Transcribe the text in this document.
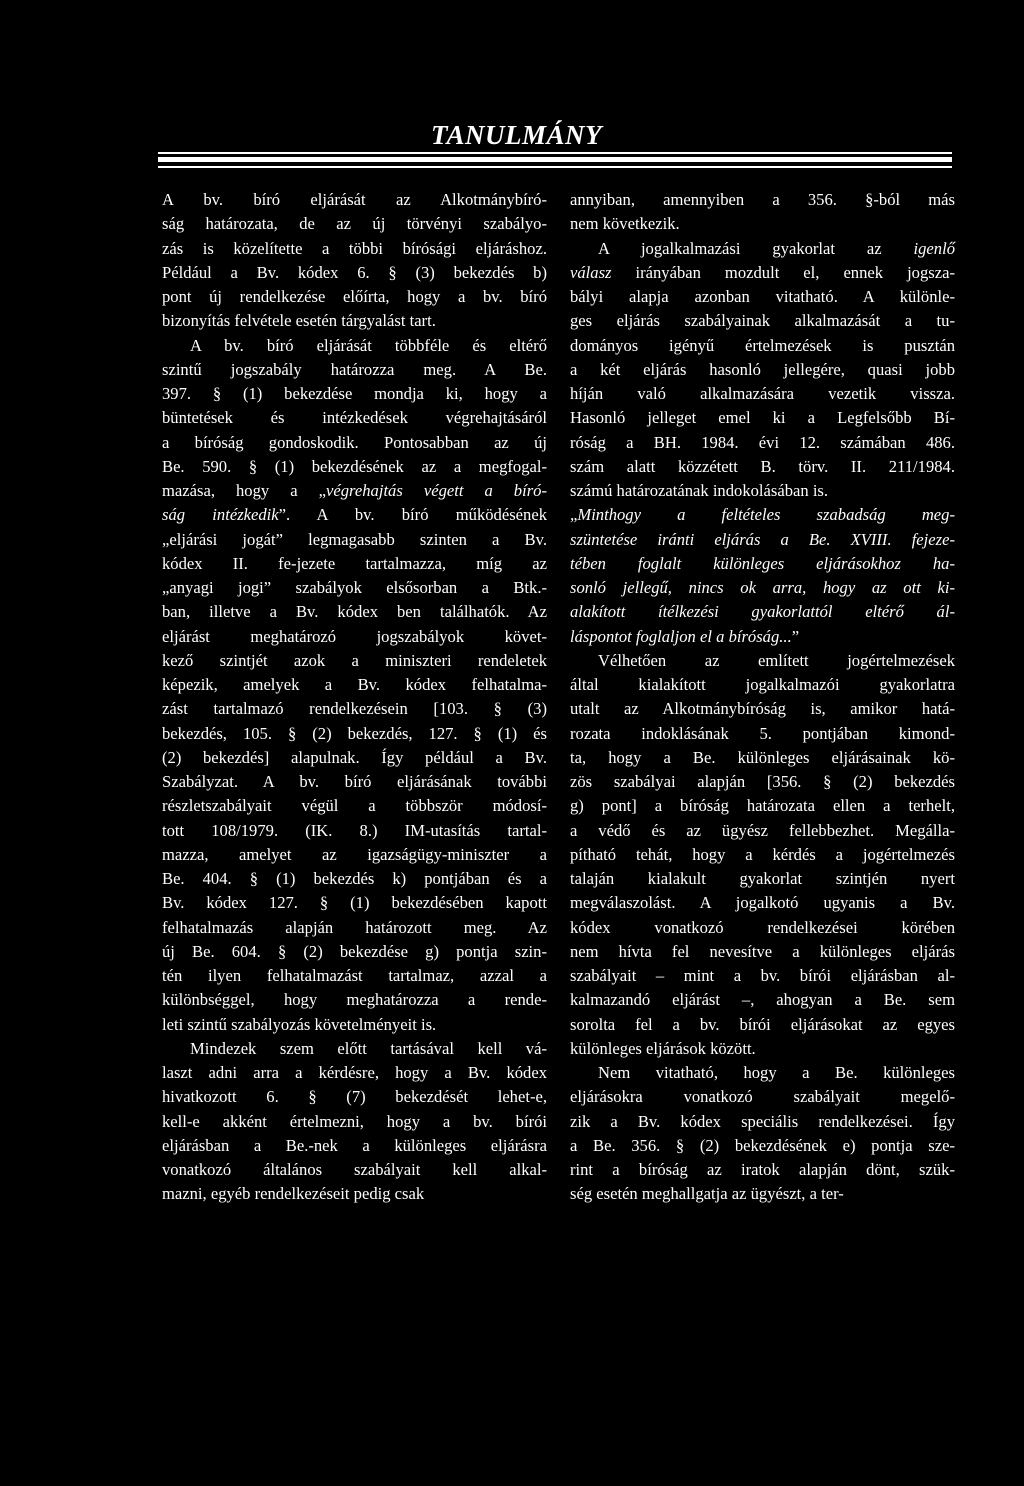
TANULMÁNY
A bv. bíró eljárását az Alkotmánybíró-
ság határozata, de az új törvényi szabályo-
zás is közelítette a többi bírósági eljáráshoz.
Például a Bv. kódex 6. § (3) bekezdés b)
pont új rendelkezése előírta, hogy a bv. bíró
bizonyítás felvétele esetén tárgyalást tart.
A bv. bíró eljárását többféle és eltérő
szintű jogszabály határozza meg. A Be.
397. § (1) bekezdése mondja ki, hogy a
büntetések és intézkedések végrehajtásáról
a bíróság gondoskodik. Pontosabban az új
Be. 590. § (1) bekezdésének az a megfogal-
mazása, hogy a „végrehajtás végett a bíró-
ság intézkedik”. A bv. bíró működésének
„eljárási jogát” legmagasabb szinten a Bv.
kódex II. fe-jezete tartalmazza, míg az
„anyagi jogi” szabályok elsősorban a Btk.-
ban, illetve a Bv. kódex ben találhatók. Az
eljárást meghatározó jogszabályok követ-
kező szintjét azok a miniszteri rendeletek
képezik, amelyek a Bv. kódex felhatalma-
zást tartalmazó rendelkezésein [103. § (3)
bekezdés, 105. § (2) bekezdés, 127. § (1) és
(2) bekezdés] alapulnak. Így például a Bv.
Szabályzat. A bv. bíró eljárásának további
részletszabályait végül a többször módosí-
tott 108/1979. (IK. 8.) IM-utasítás tartal-
mazza, amelyet az igazságügy-miniszter a
Be. 404. § (1) bekezdés k) pontjában és a
Bv. kódex 127. § (1) bekezdésében kapott
felhatalmazás alapján határozott meg. Az
új Be. 604. § (2) bekezdése g) pontja szin-
tén ilyen felhatalmazást tartalmaz, azzal a
különbséggel, hogy meghatározza a rende-
leti szintű szabályozás követelményeit is.
Mindezek szem előtt tartásával kell vá-
laszt adni arra a kérdésre, hogy a Bv. kódex
hivatkozott 6. § (7) bekezdését lehet-e,
kell-e akként értelmezni, hogy a bv. bírói
eljárásban a Be.-nek a különleges eljárásra
vonatkozó általános szabályait kell alkal-
mazni, egyéb rendelkezéseit pedig csak
annyiban, amennyiben a 356. §-ból más
nem következik.
A jogalkalmazási gyakorlat az igenlő
válasz irányában mozdult el, ennek jogsza-
bályi alapja azonban vitatható. A különle-
ges eljárás szabályainak alkalmazását a tu-
dományos igényű értelmezések is pusztán
a két eljárás hasonló jellegére, quasi jobb
híján való alkalmazására vezetik vissza.
Hasonló jelleget emel ki a Legfelsőbb Bí-
róság a BH. 1984. évi 12. számában 486.
szám alatt közzétett B. törv. II. 211/1984.
számú határozatának indokolásában is.
„Minthogy a feltételes szabadság meg-
szüntetése iránti eljárás a Be. XVIII. fejeze-
tében foglalt különleges eljárásokhoz ha-
sonló jellegű, nincs ok arra, hogy az ott ki-
alakított ítélkezési gyakorlattól eltérő ál-
láspontot foglaljon el a bíróság...”
Vélhetően az említett jogértelmezések
által kialakított jogalkalmazói gyakorlatra
utalt az Alkotmánybíróság is, amikor hatá-
rozata indoklásának 5. pontjában kimond-
ta, hogy a Be. különleges eljárásainak kö-
zös szabályai alapján [356. § (2) bekezdés
g) pont] a bíróság határozata ellen a terhelt,
a védő és az ügyész fellebbezhet. Megálla-
pítható tehát, hogy a kérdés a jogértelmezés
talaján kialakult gyakorlat szintjén nyert
megválaszolást. A jogalkotó ugyanis a Bv.
kódex vonatkozó rendelkezései körében
nem hívta fel nevesítve a különleges eljárás
szabályait – mint a bv. bírói eljárásban al-
kalmazandó eljárást –, ahogyan a Be. sem
sorolta fel a bv. bírói eljárásokat az egyes
különleges eljárások között.
Nem vitatható, hogy a Be. különleges
eljárásokra vonatkozó szabályait megelő-
zik a Bv. kódex speciális rendelkezései. Így
a Be. 356. § (2) bekezdésének e) pontja sze-
rint a bíróság az iratok alapján dönt, szük-
ség esetén meghallgatja az ügyészt, a ter-
